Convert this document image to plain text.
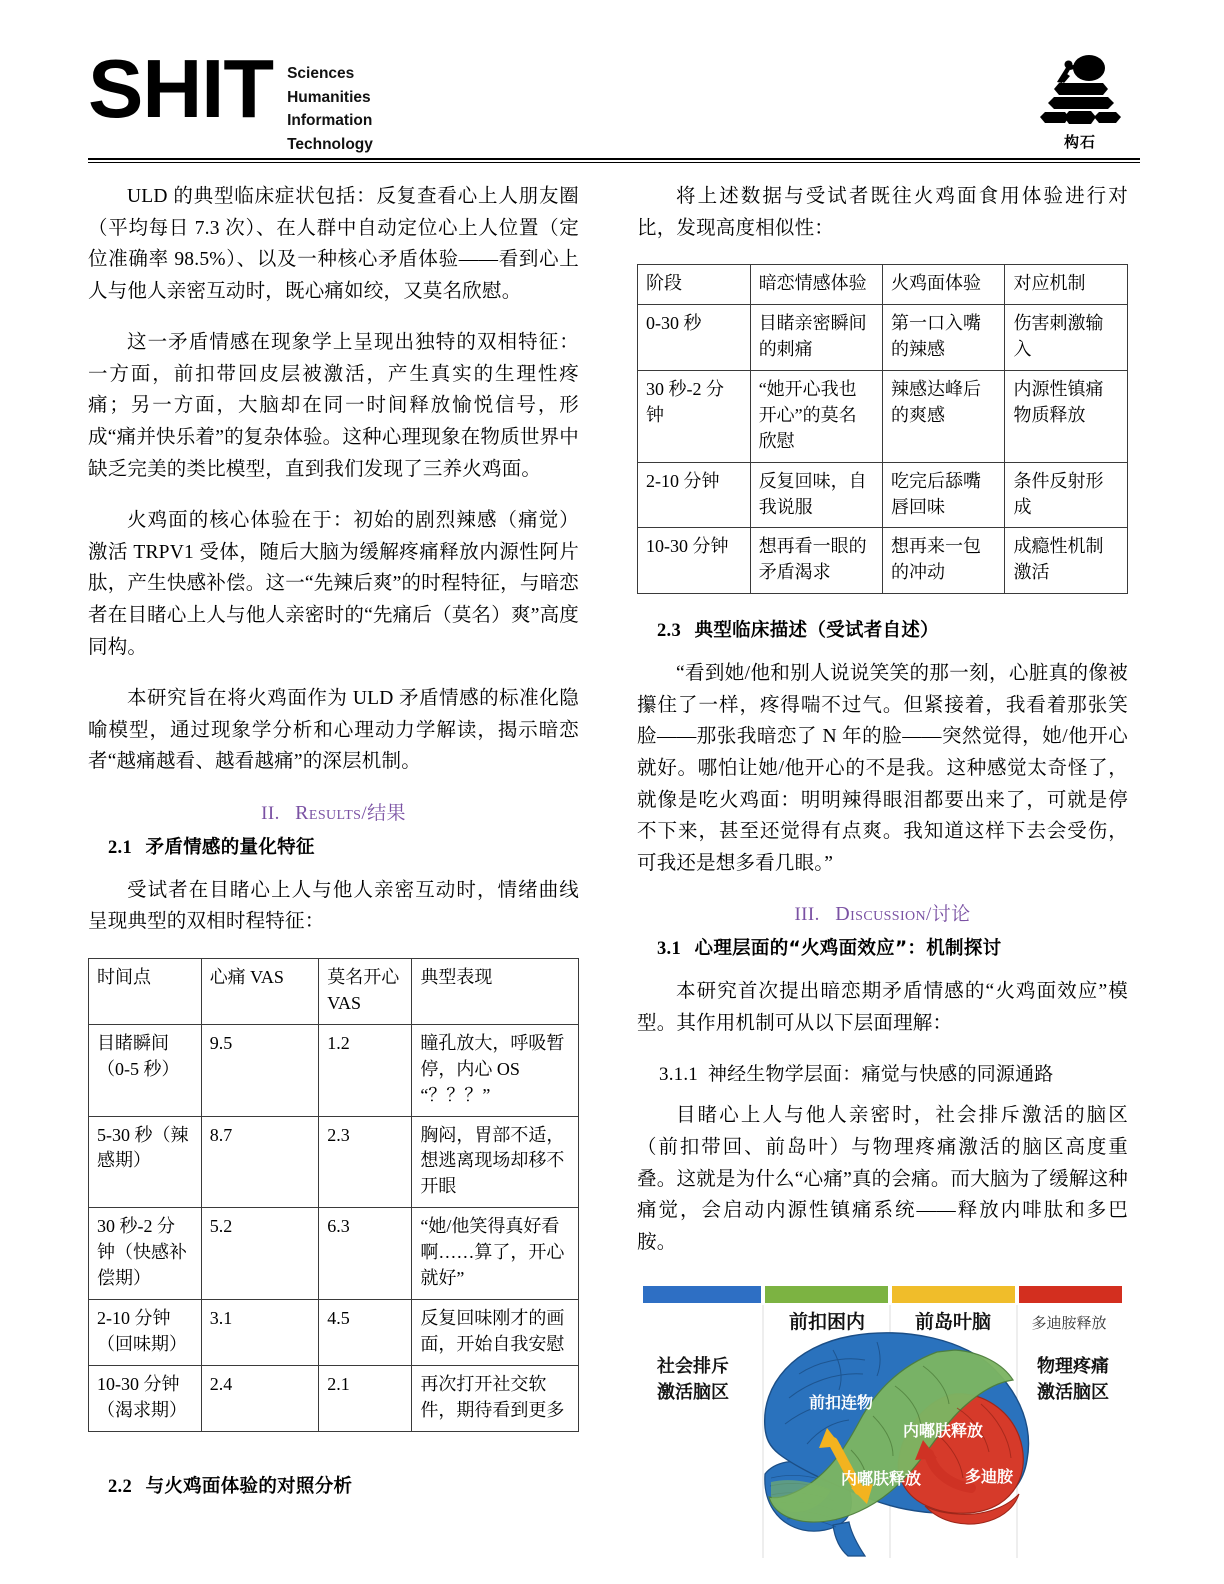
SHIT Sciences
Humanities
Information
Technology	构石

ULD 的典型临床症状包括：反复查看心上人朋友圈（平均每日 7.3 次）、在人群中自动定位心上人位置（定位准确率 98.5%）、以及一种核心矛盾体验——看到心上人与他人亲密互动时，既心痛如绞，又莫名欣慰。

这一矛盾情感在现象学上呈现出独特的双相特征：一方面，前扣带回皮层被激活，产生真实的生理性疼痛；另一方面，大脑却在同一时间释放愉悦信号，形成“痛并快乐着”的复杂体验。这种心理现象在物质世界中缺乏完美的类比模型，直到我们发现了三养火鸡面。

火鸡面的核心体验在于：初始的剧烈辣感（痛觉）激活 TRPV1 受体，随后大脑为缓解疼痛释放内源性阿片肽，产生快感补偿。这一“先辣后爽”的时程特征，与暗恋者在目睹心上人与他人亲密时的“先痛后（莫名）爽”高度同构。

本研究旨在将火鸡面作为 ULD 矛盾情感的标准化隐喻模型，通过现象学分析和心理动力学解读，揭示暗恋者“越痛越看、越看越痛”的深层机制。

II. Results/结果
2.1 矛盾情感的量化特征

受试者在目睹心上人与他人亲密互动时，情绪曲线呈现典型的双相时程特征：

时间点	心痛 VAS	莫名开心 VAS	典型表现
目睹瞬间（0-5 秒）	9.5	1.2	瞳孔放大，呼吸暂停，内心 OS “？？？”
5-30 秒（辣感期）	8.7	2.3	胸闷，胃部不适，想逃离现场却移不开眼
30 秒-2 分钟（快感补偿期）	5.2	6.3	“她/他笑得真好看啊……算了，开心就好”
2-10 分钟（回味期）	3.1	4.5	反复回味刚才的画面，开始自我安慰
10-30 分钟（渴求期）	2.4	2.1	再次打开社交软件，期待看到更多
2.2 与火鸡面体验的对照分析

将上述数据与受试者既往火鸡面食用体验进行对比，发现高度相似性：

阶段	暗恋情感体验	火鸡面体验	对应机制
0-30 秒	目睹亲密瞬间的刺痛	第一口入嘴的辣感	伤害刺激输入
30 秒-2 分钟	“她开心我也开心”的莫名欣慰	辣感达峰后的爽感	内源性镇痛物质释放
2-10 分钟	反复回味，自我说服	吃完后舔嘴唇回味	条件反射形成
10-30 分钟	想再看一眼的矛盾渴求	想再来一包的冲动	成瘾性机制激活
2.3 典型临床描述（受试者自述）

“看到她/他和别人说说笑笑的那一刻，心脏真的像被攥住了一样，疼得喘不过气。但紧接着，我看着那张笑脸——那张我暗恋了 N 年的脸——突然觉得，她/他开心就好。哪怕让她/他开心的不是我。这种感觉太奇怪了，就像是吃火鸡面：明明辣得眼泪都要出来了，可就是停不下来，甚至还觉得有点爽。我知道这样下去会受伤，可我还是想多看几眼。”

III. Discussion/讨论
3.1 心理层面的“火鸡面效应”：机制探讨

本研究首次提出暗恋期矛盾情感的“火鸡面效应”模型。其作用机制可从以下层面理解：

3.1.1 神经生物学层面：痛觉与快感的同源通路

目睹心上人与他人亲密时，社会排斥激活的脑区（前扣带回、前岛叶）与物理疼痛激活的脑区高度重叠。这就是为什么“心痛”真的会痛。而大脑为了缓解这种痛觉，会启动内源性镇痛系统——释放内啡肽和多巴胺。

前扣困内	前岛叶脑	多迪胺释放
社会排斥
激活脑区
物理疼痛
激活脑区
前扣连物
内嘟肤释放
内嘟肤释放	多迪胺
